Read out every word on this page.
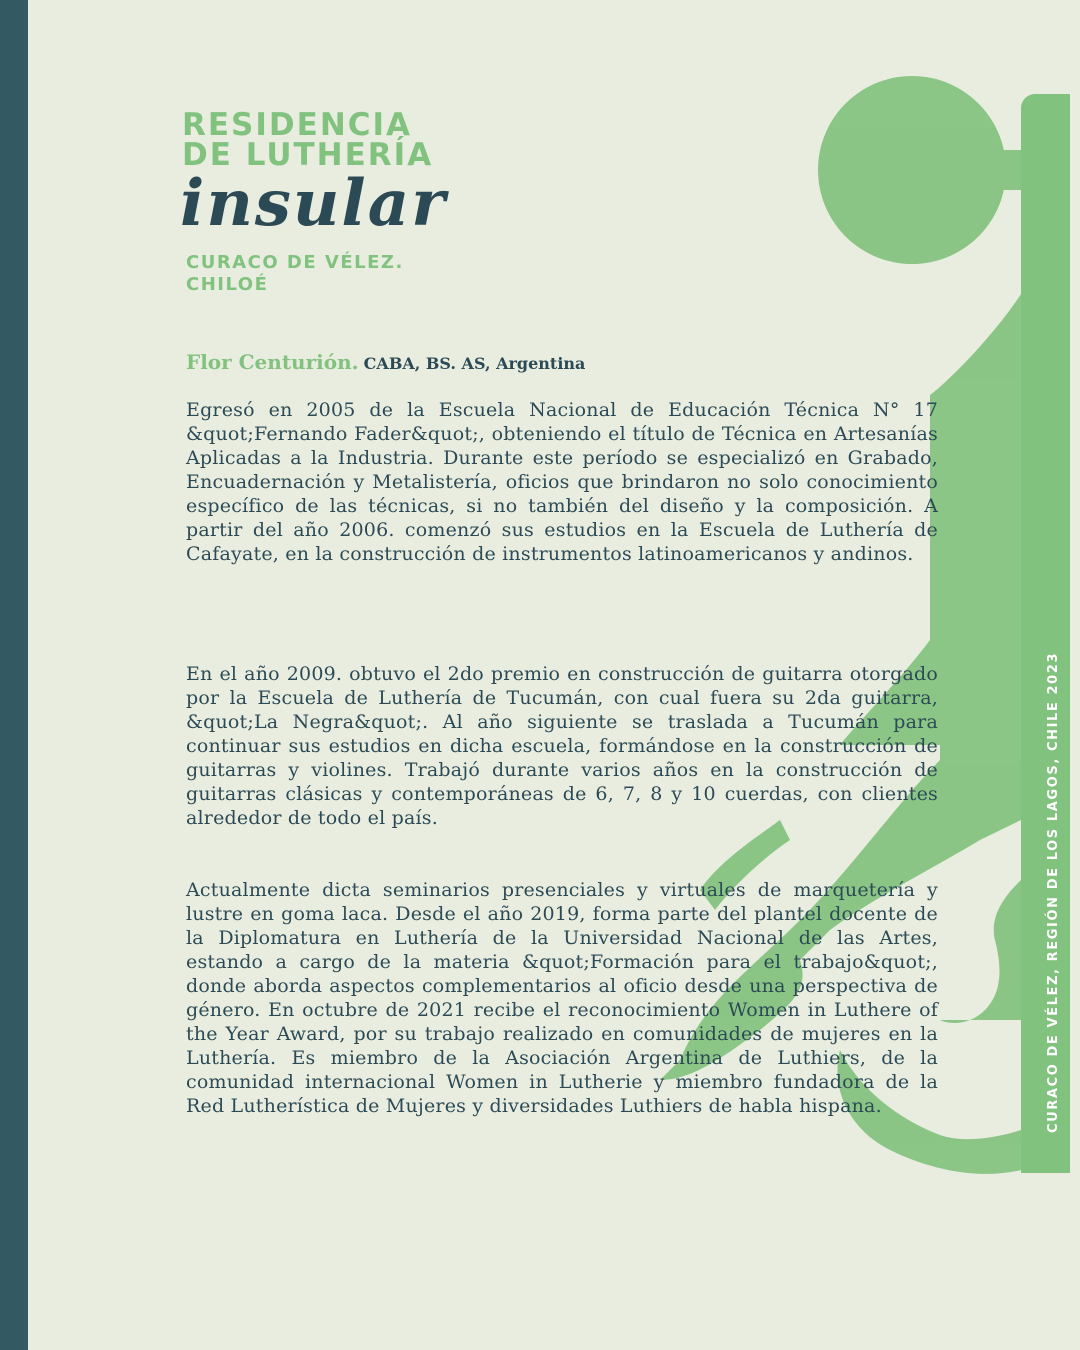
CURACO DE VÉLEZ, REGIÓN DE LOS LAGOS, CHILE 2023
RESIDENCIA
DE LUTHERÍA
insular
CURACO DE VÉLEZ.
CHILOÉ
Flor Centurión. CABA, BS. AS, Argentina

Egresó en 2005 de la Escuela Nacional de Educación Técnica N° 17 &quot;Fernando Fader&quot;, obteniendo el título de Técnica en Artesanías Aplicadas a la Industria. Durante este período se especializó en Grabado, Encuadernación y Metalistería, oficios que brindaron no solo conocimiento específico de las técnicas, si no también del diseño y la composición. A partir del año 2006. comenzó sus estudios en la Escuela de Luthería de Cafayate, en la construcción de instrumentos latinoamericanos y andinos.

En el año 2009. obtuvo el 2do premio en construcción de guitarra otorgado por la Escuela de Luthería de Tucumán, con cual fuera su 2da guitarra, &quot;La Negra&quot;. Al año siguiente se traslada a Tucumán para continuar sus estudios en dicha escuela, formándose en la construcción de guitarras y violines. Trabajó durante varios años en la construcción de guitarras clásicas y contemporáneas de 6, 7, 8 y 10 cuerdas, con clientes alrededor de todo el país.

Actualmente dicta seminarios presenciales y virtuales de marquetería y lustre en goma laca. Desde el año 2019, forma parte del plantel docente de la Diplomatura en Luthería de la Universidad Nacional de las Artes, estando a cargo de la materia &quot;Formación para el trabajo&quot;, donde aborda aspectos complementarios al oficio desde una perspectiva de género. En octubre de 2021 recibe el reconocimiento Women in Luthere of the Year Award, por su trabajo realizado en comunidades de mujeres en la Luthería. Es miembro de la Asociación Argentina de Luthiers, de la comunidad internacional Women in Lutherie y miembro fundadora de la Red Lutherística de Mujeres y diversidades Luthiers de habla hispana.
